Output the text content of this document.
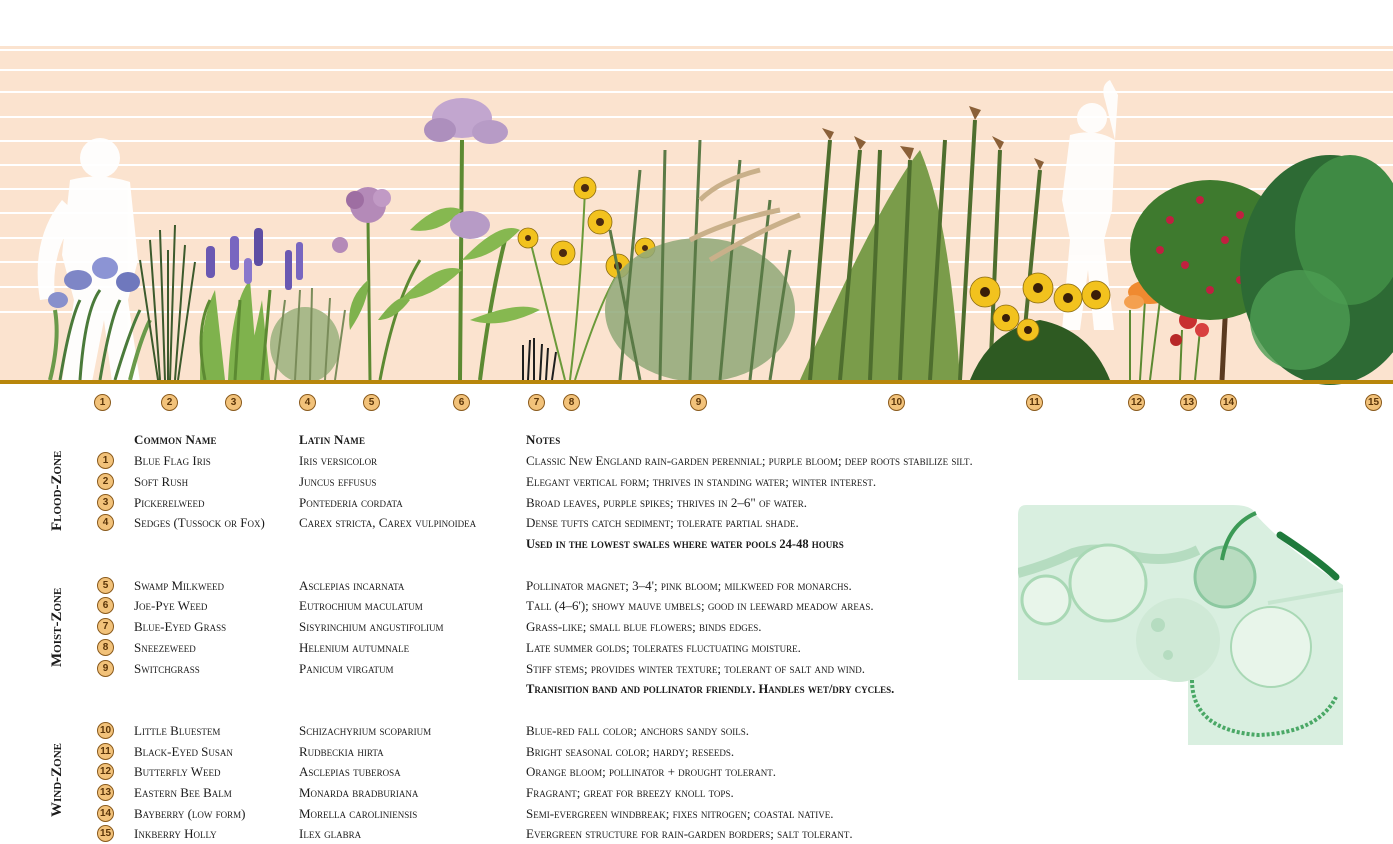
1	2	3	4	5	6	7	8	9	10	11	12	13	14	15
Common Name	Latin Name	Notes
Flood-Zone
Moist-Zone
Wind-Zone
1	Blue Flag Iris	Iris versicolor	Classic New England rain-garden perennial; purple bloom; deep roots stabilize silt.
2	Soft Rush	Juncus effusus	Elegant vertical form; thrives in standing water; winter interest.
3	Pickerelweed	Pontederia cordata	Broad leaves, purple spikes; thrives in 2–6" of water.
4	Sedges (Tussock or Fox)	Carex stricta, Carex vulpinoidea	Dense tufts catch sediment; tolerate partial shade.
Used in the lowest swales where water pools 24-48 hours
5	Swamp Milkweed	Asclepias incarnata	Pollinator magnet; 3–4'; pink bloom; milkweed for monarchs.
6	Joe-Pye Weed	Eutrochium maculatum	Tall (4–6'); showy mauve umbels; good in leeward meadow areas.
7	Blue-Eyed Grass	Sisyrinchium angustifolium	Grass-like; small blue flowers; binds edges.
8	Sneezeweed	Helenium autumnale	Late summer golds; tolerates fluctuating moisture.
9	Switchgrass	Panicum virgatum	Stiff stems; provides winter texture; tolerant of salt and wind.
Tranisition band and pollinator friendly. Handles wet/dry cycles.
10 Little Bluestem	Schizachyrium scoparium	Blue-red fall color; anchors sandy soils.
11 Black-Eyed Susan	Rudbeckia hirta	Bright seasonal color; hardy; reseeds.
12 Butterfly Weed	Asclepias tuberosa	Orange bloom; pollinator + drought tolerant.
13 Eastern Bee Balm	Monarda bradburiana	Fragrant; great for breezy knoll tops.
14 Bayberry (low form)	Morella caroliniensis	Semi-evergreen windbreak; fixes nitrogen; coastal native.
15 Inkberry Holly	Ilex glabra	Evergreen structure for rain-garden borders; salt tolerant.
